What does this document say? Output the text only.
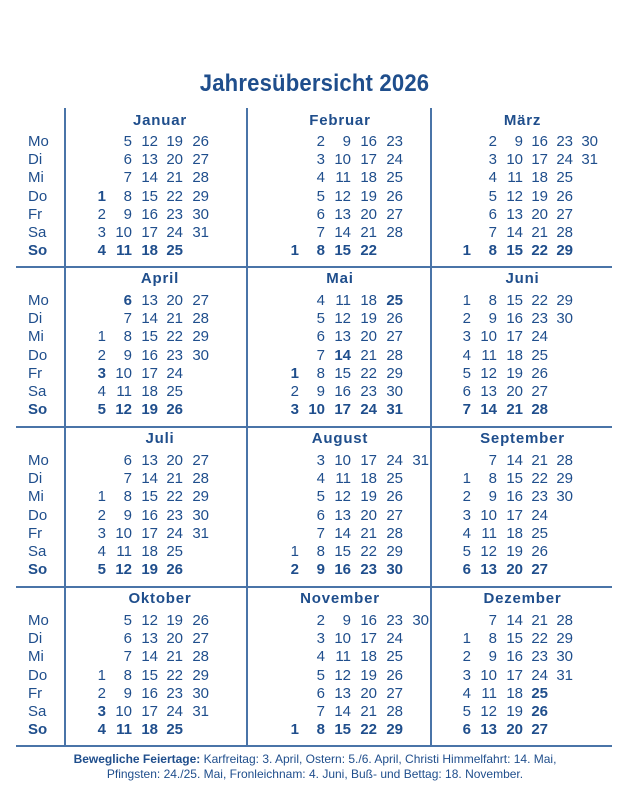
Jahresübersicht 2026
Mo
Di
Mi
Do
Fr
Sa
So
Mo
Di
Mi
Do
Fr
Sa
So
Mo
Di
Mi
Do
Fr
Sa
So
Mo
Di
Mi
Do
Fr
Sa
So
Januar
1
2
3
4
5
6
7
8
9
10
11
12
13
14
15
16
17
18
19
20
21
22
23
24
25
26
27
28
29
30
31
Februar
1
2
3
4
5
6
7
8
9
10
11
12
13
14
15
16
17
18
19
20
21
22
23
24
25
26
27
28
März
1
2
3
4
5
6
7
8
9
10
11
12
13
14
15
16
17
18
19
20
21
22
23
24
25
26
27
28
29
30
31
April
1
2
3
4
5
6
7
8
9
10
11
12
13
14
15
16
17
18
19
20
21
22
23
24
25
26
27
28
29
30
Mai
1
2
3
4
5
6
7
8
9
10
11
12
13
14
15
16
17
18
19
20
21
22
23
24
25
26
27
28
29
30
31
Juni
1
2
3
4
5
6
7
8
9
10
11
12
13
14
15
16
17
18
19
20
21
22
23
24
25
26
27
28
29
30
Juli
1
2
3
4
5
6
7
8
9
10
11
12
13
14
15
16
17
18
19
20
21
22
23
24
25
26
27
28
29
30
31
August
1
2
3
4
5
6
7
8
9
10
11
12
13
14
15
16
17
18
19
20
21
22
23
24
25
26
27
28
29
30
31
September
1
2
3
4
5
6
7
8
9
10
11
12
13
14
15
16
17
18
19
20
21
22
23
24
25
26
27
28
29
30
Oktober
1
2
3
4
5
6
7
8
9
10
11
12
13
14
15
16
17
18
19
20
21
22
23
24
25
26
27
28
29
30
31
November
1
2
3
4
5
6
7
8
9
10
11
12
13
14
15
16
17
18
19
20
21
22
23
24
25
26
27
28
29
30
Dezember
1
2
3
4
5
6
7
8
9
10
11
12
13
14
15
16
17
18
19
20
21
22
23
24
25
26
27
28
29
30
31
Bewegliche Feiertage: Karfreitag: 3. April, Ostern: 5./6. April, Christi Himmelfahrt: 14. Mai,
Pfingsten: 24./25. Mai, Fronleichnam: 4. Juni, Buß- und Bettag: 18. November.
